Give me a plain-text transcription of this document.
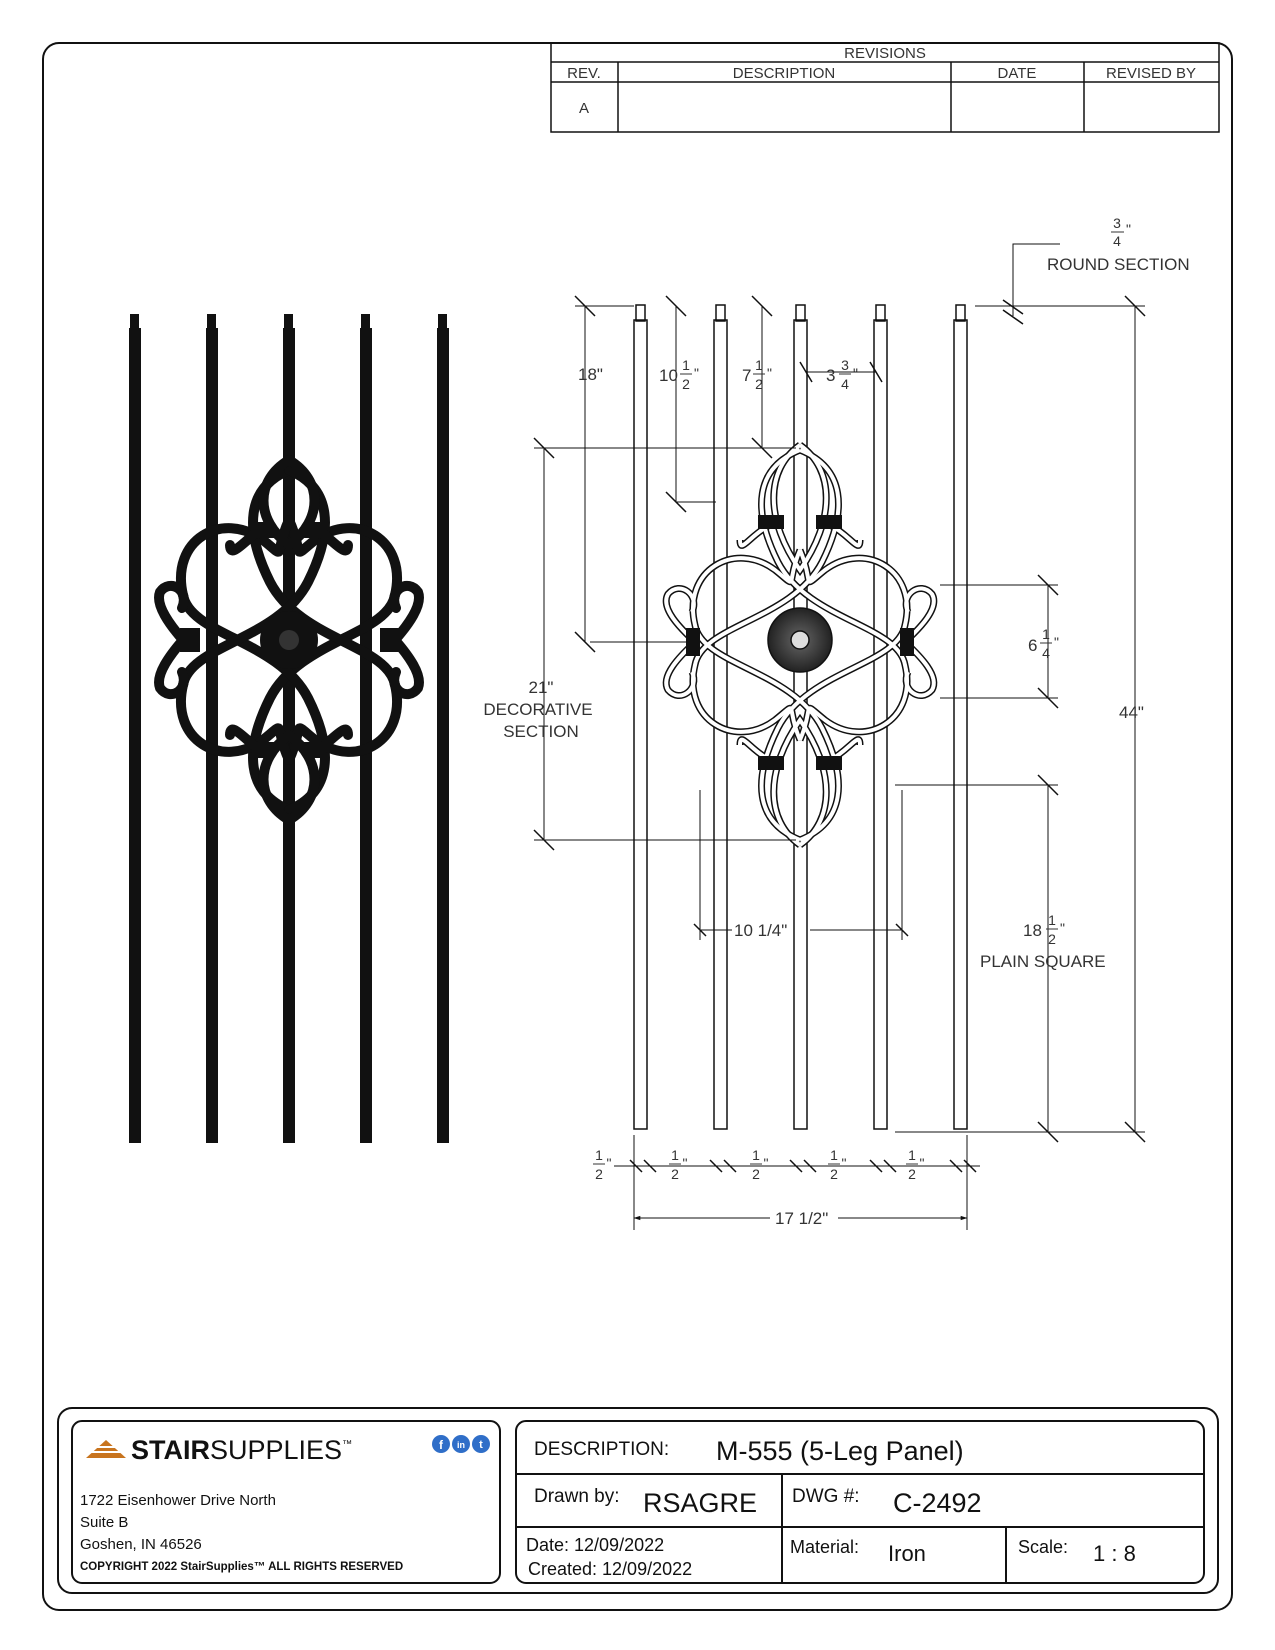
REVISIONS
REV.	DESCRIPTION	DATE	REVISED BY
A
3
4
"
ROUND SECTION
18"	10
1
2
"	7
1
2
"	3
3
4
"
21"
DECORATIVE
SECTION
6
1
4
"
44"
10 1/4"	18
1
2
"
PLAIN SQUARE
1
2
"	1
2
"	1
2
"	1
2
"	1
2
"
17 1/2"
STAIRSUPPLIES™	f in t
1722 Eisenhower Drive North
Suite B
Goshen, IN 46526
COPYRIGHT 2022 StairSupplies™ ALL RIGHTS RESERVED
DESCRIPTION: M-555 (5-Leg Panel)
Drawn by: RSAGRE DWG #: C-2492
Date: 12/09/2022
Created: 12/09/2022
Material: Iron	Scale: 1 : 8
